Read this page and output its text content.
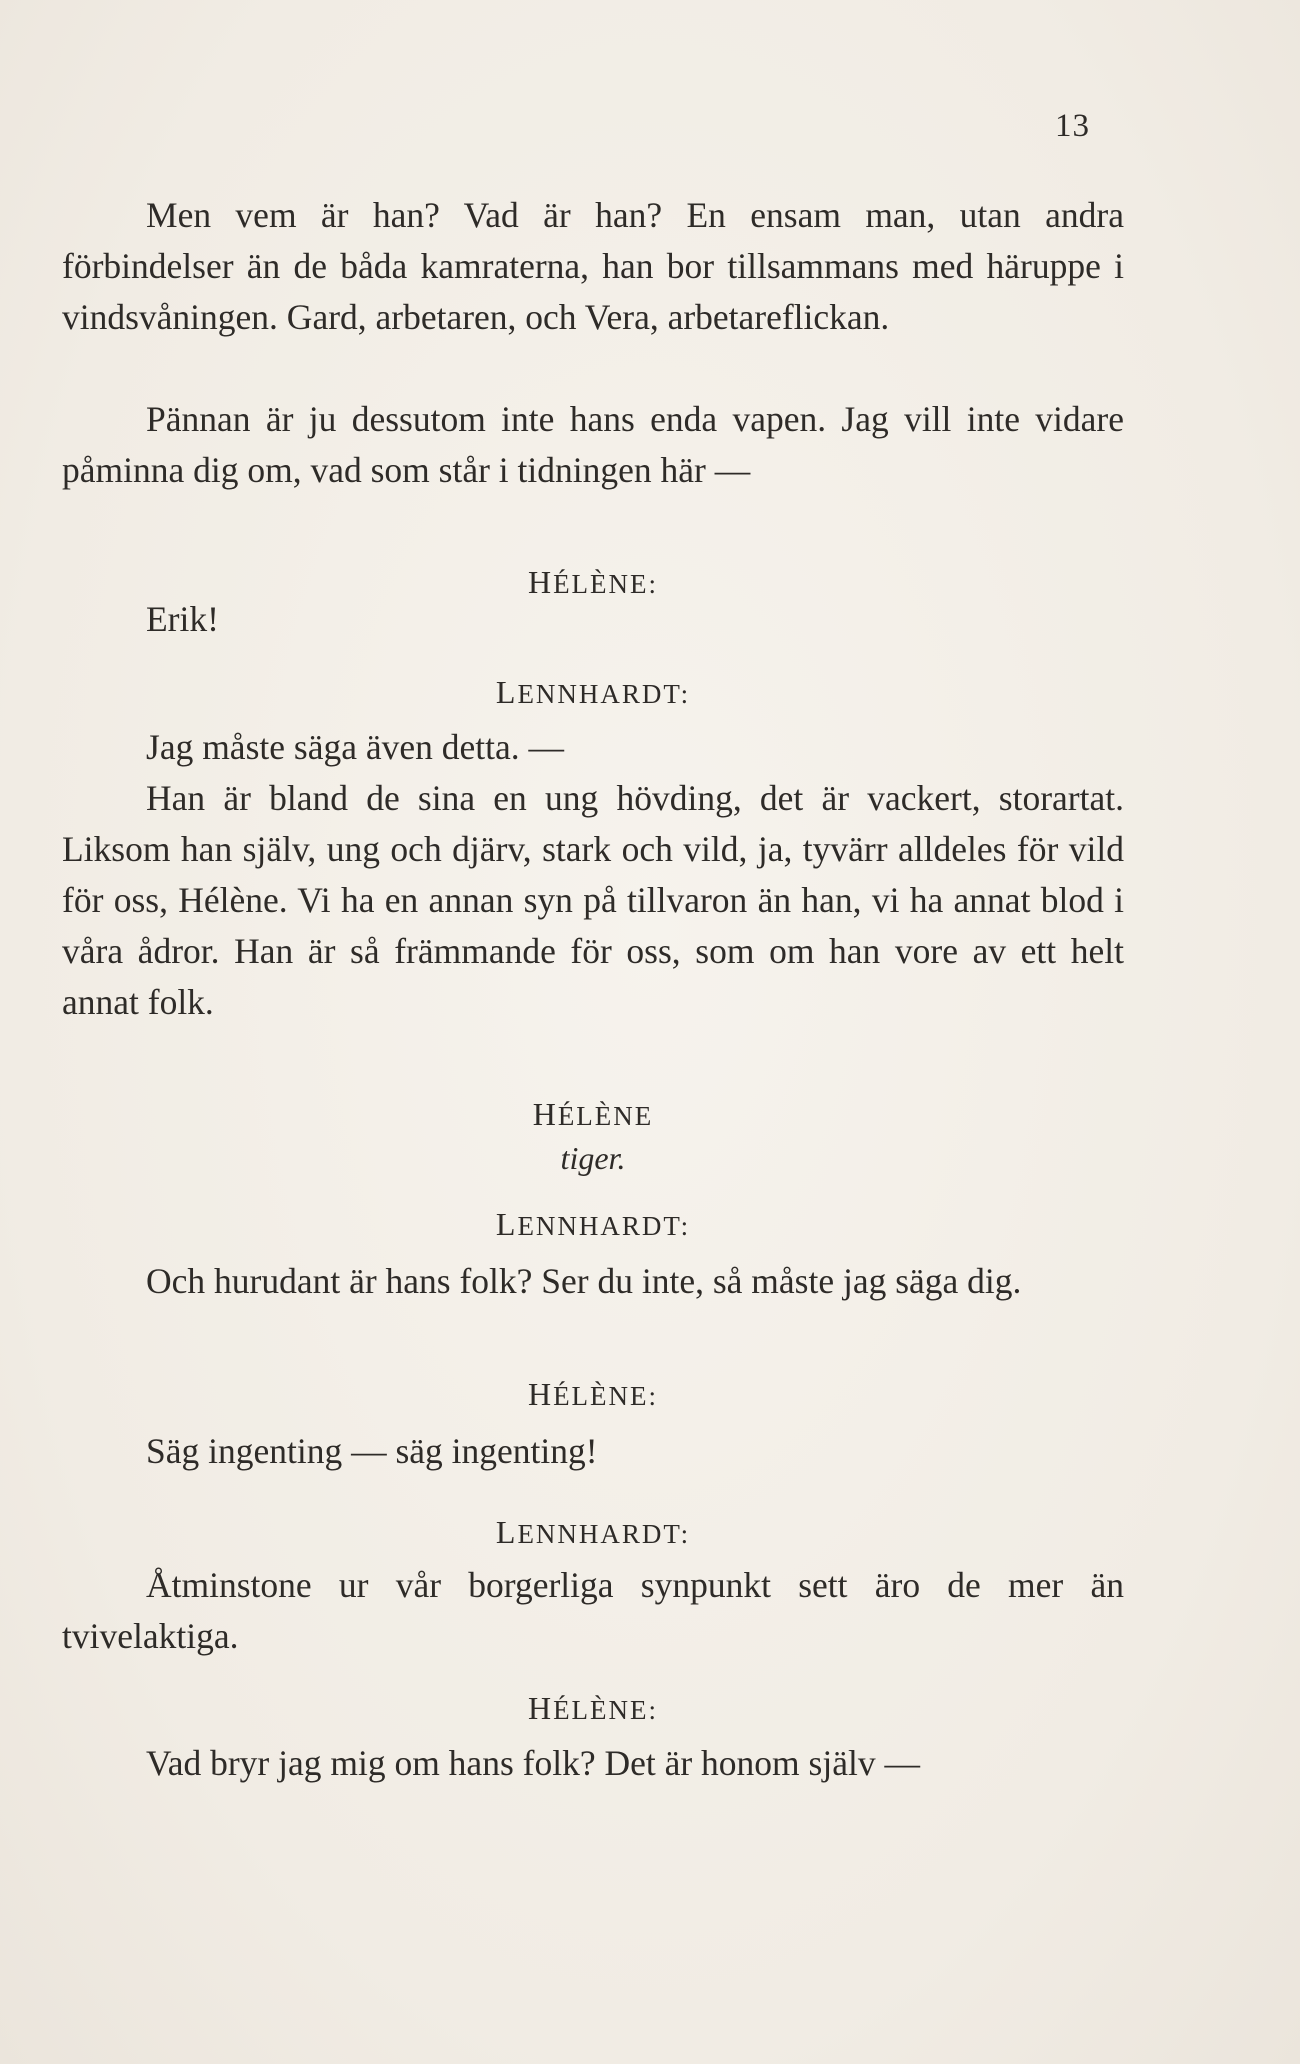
13

Men vem är han? Vad är han? En ensam man, utan andra förbindelser än de båda kamraterna, han bor tillsammans med häruppe i vindsvåningen. Gard, arbetaren, och Vera, arbetareflickan.

Pännan är ju dessutom inte hans enda vapen. Jag vill inte vidare påminna dig om, vad som står i tidningen här —

HÉLÈNE:

Erik!

LENNHARDT:

Jag måste säga även detta. —

Han är bland de sina en ung hövding, det är vackert, storartat. Liksom han själv, ung och djärv, stark och vild, ja, tyvärr alldeles för vild för oss, Hélène. Vi ha en annan syn på tillvaron än han, vi ha annat blod i våra ådror. Han är så främmande för oss, som om han vore av ett helt annat folk.

HÉLÈNE

tiger.

LENNHARDT:

Och hurudant är hans folk? Ser du inte, så måste jag säga dig.

HÉLÈNE:

Säg ingenting — säg ingenting!

LENNHARDT:

Åtminstone ur vår borgerliga synpunkt sett äro de mer än tvivelaktiga.

HÉLÈNE:

Vad bryr jag mig om hans folk? Det är honom själv —
